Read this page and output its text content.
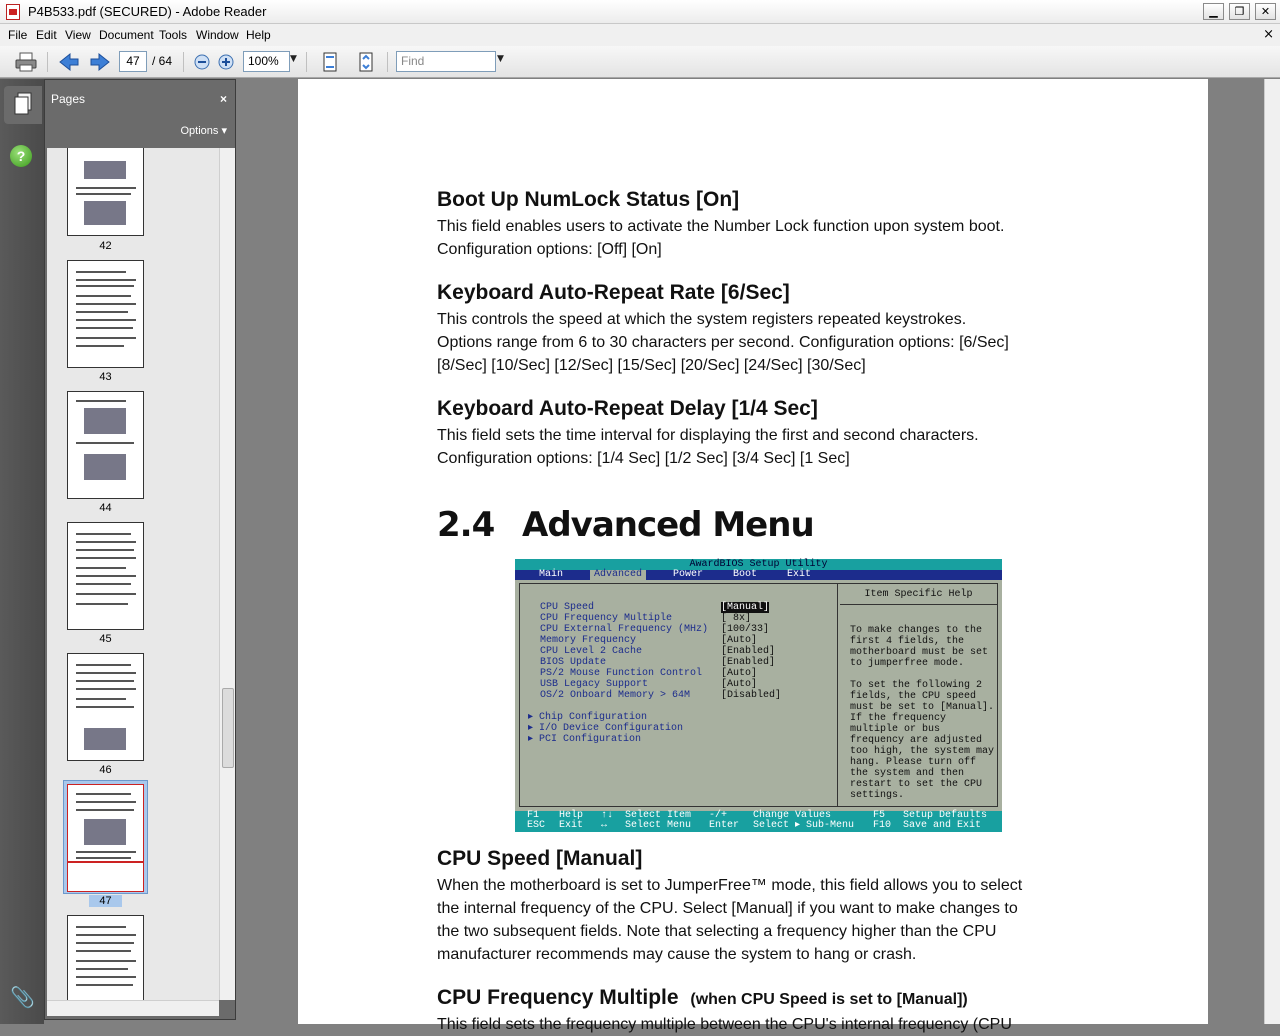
P4B533.pdf (SECURED) - Adobe Reader	▁	❐	✕
File Edit View Document Tools Window Help	×
47	/ 64	100%	▼	Find	▼
?
📎
Pages	×
Options ▾
42
43
44
45
46
47
Boot Up NumLock Status [On]
This field enables users to activate the Number Lock function upon system boot.
Configuration options: [Off] [On]
Keyboard Auto-Repeat Rate [6/Sec]
This controls the speed at which the system registers repeated keystrokes.
Options range from 6 to 30 characters per second. Configuration options: [6/Sec]
[8/Sec] [10/Sec] [12/Sec] [15/Sec] [20/Sec] [24/Sec] [30/Sec]
Keyboard Auto-Repeat Delay [1/4 Sec]
This field sets the time interval for displaying the first and second characters.
Configuration options: [1/4 Sec] [1/2 Sec] [3/4 Sec] [1 Sec]
2.4 Advanced Menu
AwardBIOS Setup Utility
Main	Advanced	Power	Boot	Exit
CPU Speed	[Manual]
CPU Frequency Multiple	[ 8x]
CPU External Frequency (MHz) [100/33]
Memory Frequency	[Auto]
CPU Level 2 Cache	[Enabled]
BIOS Update	[Enabled]
PS/2 Mouse Function Control [Auto]
USB Legacy Support	[Auto]
OS/2 Onboard Memory > 64M	[Disabled]
▸ Chip Configuration
▸ I/O Device Configuration
▸ PCI Configuration
Item Specific Help
To make changes to the
first 4 fields, the
motherboard must be set
to jumperfree mode.
To set the following 2
fields, the CPU speed
must be set to [Manual].
If the frequency
multiple or bus
frequency are adjusted
too high, the system may
hang. Please turn off
the system and then
restart to set the CPU
settings.
F1 Help ↑↓ Select Item -/+	Change Values	F5 Setup Defaults
ESC Exit ↔ Select Menu Enter Select ▸ Sub-Menu F10 Save and Exit
CPU Speed [Manual]
When the motherboard is set to JumperFree™ mode, this field allows you to select
the internal frequency of the CPU. Select [Manual] if you want to make changes to
the two subsequent fields. Note that selecting a frequency higher than the CPU
manufacturer recommends may cause the system to hang or crash.
CPU Frequency Multiple (when CPU Speed is set to [Manual])
This field sets the frequency multiple between the CPU's internal frequency (CPU
